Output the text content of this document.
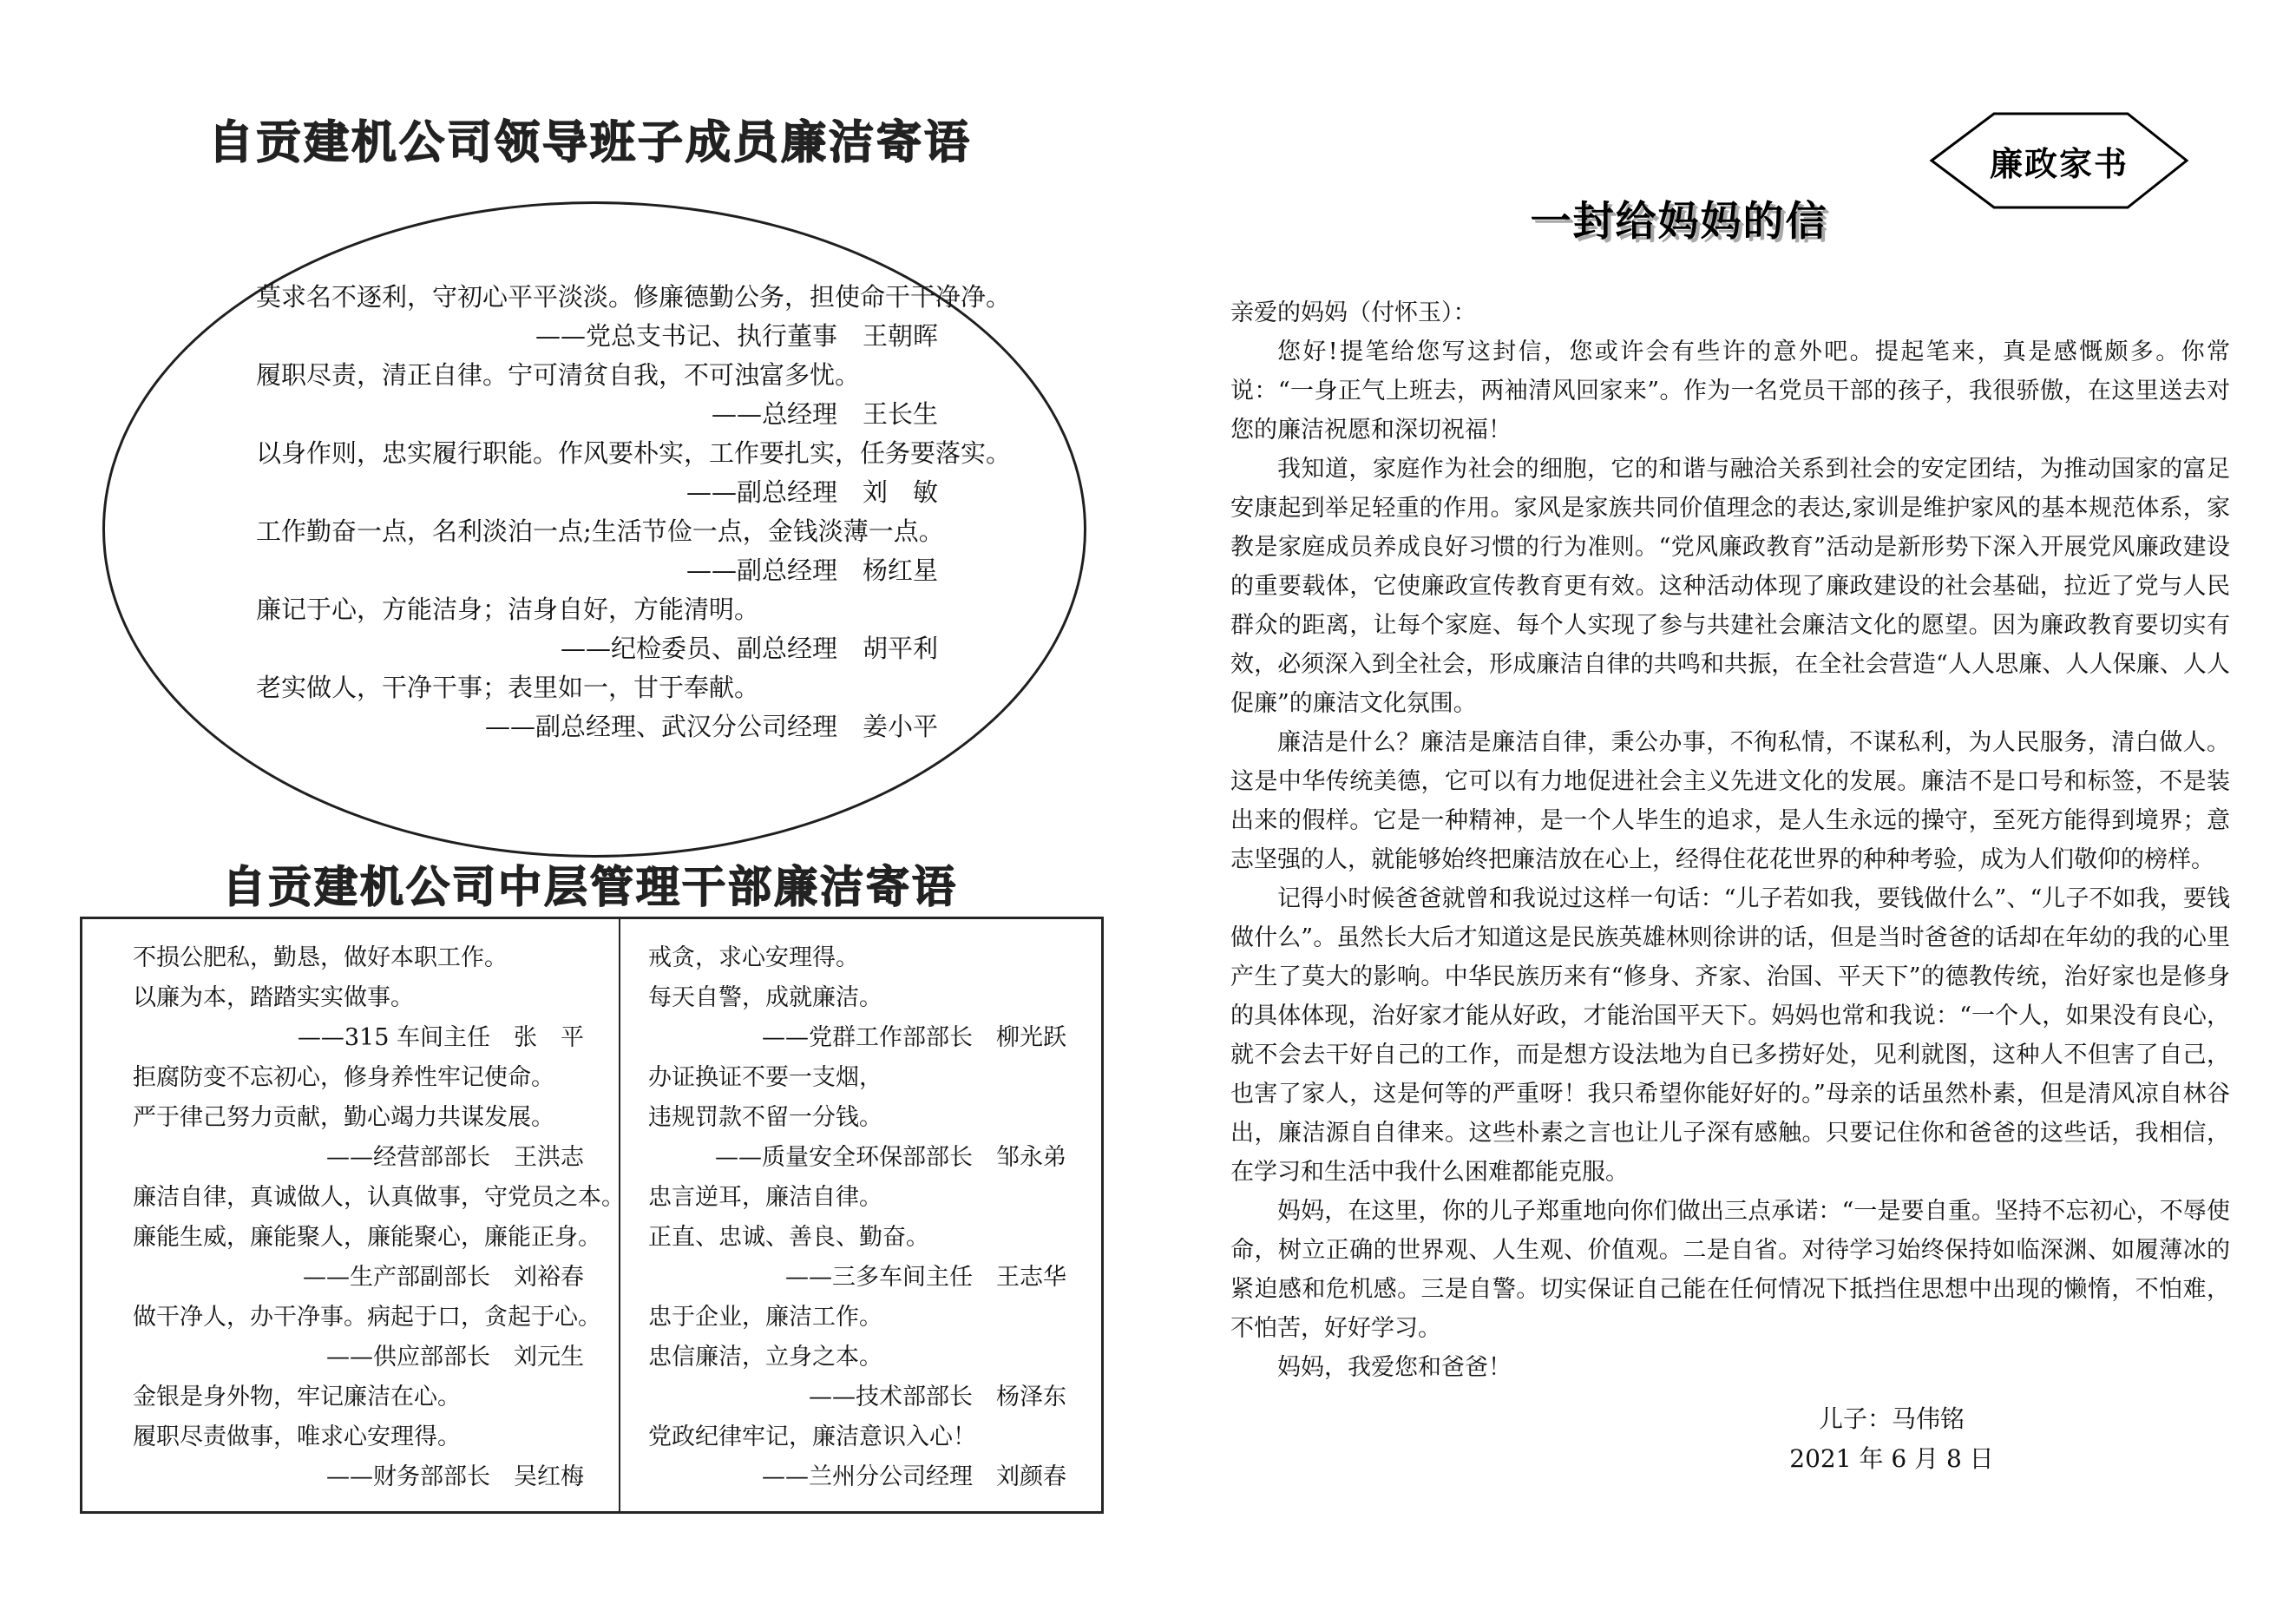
自贡建机公司领导班子成员廉洁寄语
莫求名不逐利，守初心平平淡淡。修廉德勤公务，担使命干干净净。
——党总支书记、执行董事　王朝晖
履职尽责，清正自律。宁可清贫自我，不可浊富多忧。
——总经理　王长生
以身作则，忠实履行职能。作风要朴实，工作要扎实，任务要落实。
——副总经理　刘　敏
工作勤奋一点，名利淡泊一点;生活节俭一点，金钱淡薄一点。
——副总经理　杨红星
廉记于心，方能洁身；洁身自好，方能清明。
——纪检委员、副总经理　胡平利
老实做人，干净干事；表里如一，甘于奉献。
——副总经理、武汉分公司经理　姜小平
自贡建机公司中层管理干部廉洁寄语
不损公肥私，勤恳，做好本职工作。
以廉为本，踏踏实实做事。
——315 车间主任　张　平
拒腐防变不忘初心，修身养性牢记使命。
严于律己努力贡献，勤心竭力共谋发展。
——经营部部长　王洪志
廉洁自律，真诚做人，认真做事，守党员之本。
廉能生威，廉能聚人，廉能聚心，廉能正身。
——生产部副部长　刘裕春
做干净人，办干净事。病起于口，贪起于心。
——供应部部长　刘元生
金银是身外物，牢记廉洁在心。
履职尽责做事，唯求心安理得。
——财务部部长　吴红梅
戒贪，求心安理得。
每天自警，成就廉洁。
——党群工作部部长　柳光跃
办证换证不要一支烟，
违规罚款不留一分钱。
——质量安全环保部部长　邹永弟
忠言逆耳，廉洁自律。
正直、忠诚、善良、勤奋。
——三多车间主任　王志华
忠于企业，廉洁工作。
忠信廉洁，立身之本。
——技术部部长　杨泽东
党政纪律牢记，廉洁意识入心！
——兰州分公司经理　刘颜春
廉政家书
一封给妈妈的信

亲爱的妈妈（付怀玉）：

您好!提笔给您写这封信，您或许会有些许的意外吧。提起笔来，真是感慨颇多。你常说：“一身正气上班去，两袖清风回家来”。作为一名党员干部的孩子，我很骄傲，在这里送去对您的廉洁祝愿和深切祝福！

我知道，家庭作为社会的细胞，它的和谐与融洽关系到社会的安定团结，为推动国家的富足安康起到举足轻重的作用。家风是家族共同价值理念的表达,家训是维护家风的基本规范体系，家教是家庭成员养成良好习惯的行为准则。“党风廉政教育”活动是新形势下深入开展党风廉政建设的重要载体，它使廉政宣传教育更有效。这种活动体现了廉政建设的社会基础，拉近了党与人民群众的距离，让每个家庭、每个人实现了参与共建社会廉洁文化的愿望。因为廉政教育要切实有效，必须深入到全社会，形成廉洁自律的共鸣和共振，在全社会营造“人人思廉、人人保廉、人人促廉”的廉洁文化氛围。

廉洁是什么？廉洁是廉洁自律，秉公办事，不徇私情，不谋私利，为人民服务，清白做人。这是中华传统美德，它可以有力地促进社会主义先进文化的发展。廉洁不是口号和标签，不是装出来的假样。它是一种精神，是一个人毕生的追求，是人生永远的操守，至死方能得到境界；意志坚强的人，就能够始终把廉洁放在心上，经得住花花世界的种种考验，成为人们敬仰的榜样。

记得小时候爸爸就曾和我说过这样一句话：“儿子若如我，要钱做什么”、“儿子不如我，要钱做什么”。虽然长大后才知道这是民族英雄林则徐讲的话，但是当时爸爸的话却在年幼的我的心里产生了莫大的影响。中华民族历来有“修身、齐家、治国、平天下”的德教传统，治好家也是修身的具体体现，治好家才能从好政，才能治国平天下。妈妈也常和我说：“一个人，如果没有良心，就不会去干好自己的工作，而是想方设法地为自已多捞好处，见利就图，这种人不但害了自己，也害了家人，这是何等的严重呀！我只希望你能好好的。”母亲的话虽然朴素，但是清风凉自林谷出，廉洁源自自律来。这些朴素之言也让儿子深有感触。只要记住你和爸爸的这些话，我相信，在学习和生活中我什么困难都能克服。

妈妈，在这里，你的儿子郑重地向你们做出三点承诺：“一是要自重。坚持不忘初心，不辱使命，树立正确的世界观、人生观、价值观。二是自省。对待学习始终保持如临深渊、如履薄冰的紧迫感和危机感。三是自警。切实保证自己能在任何情况下抵挡住思想中出现的懒惰，不怕难，不怕苦，好好学习。

妈妈，我爱您和爸爸！

儿子：马伟铭
2021 年 6 月 8 日
